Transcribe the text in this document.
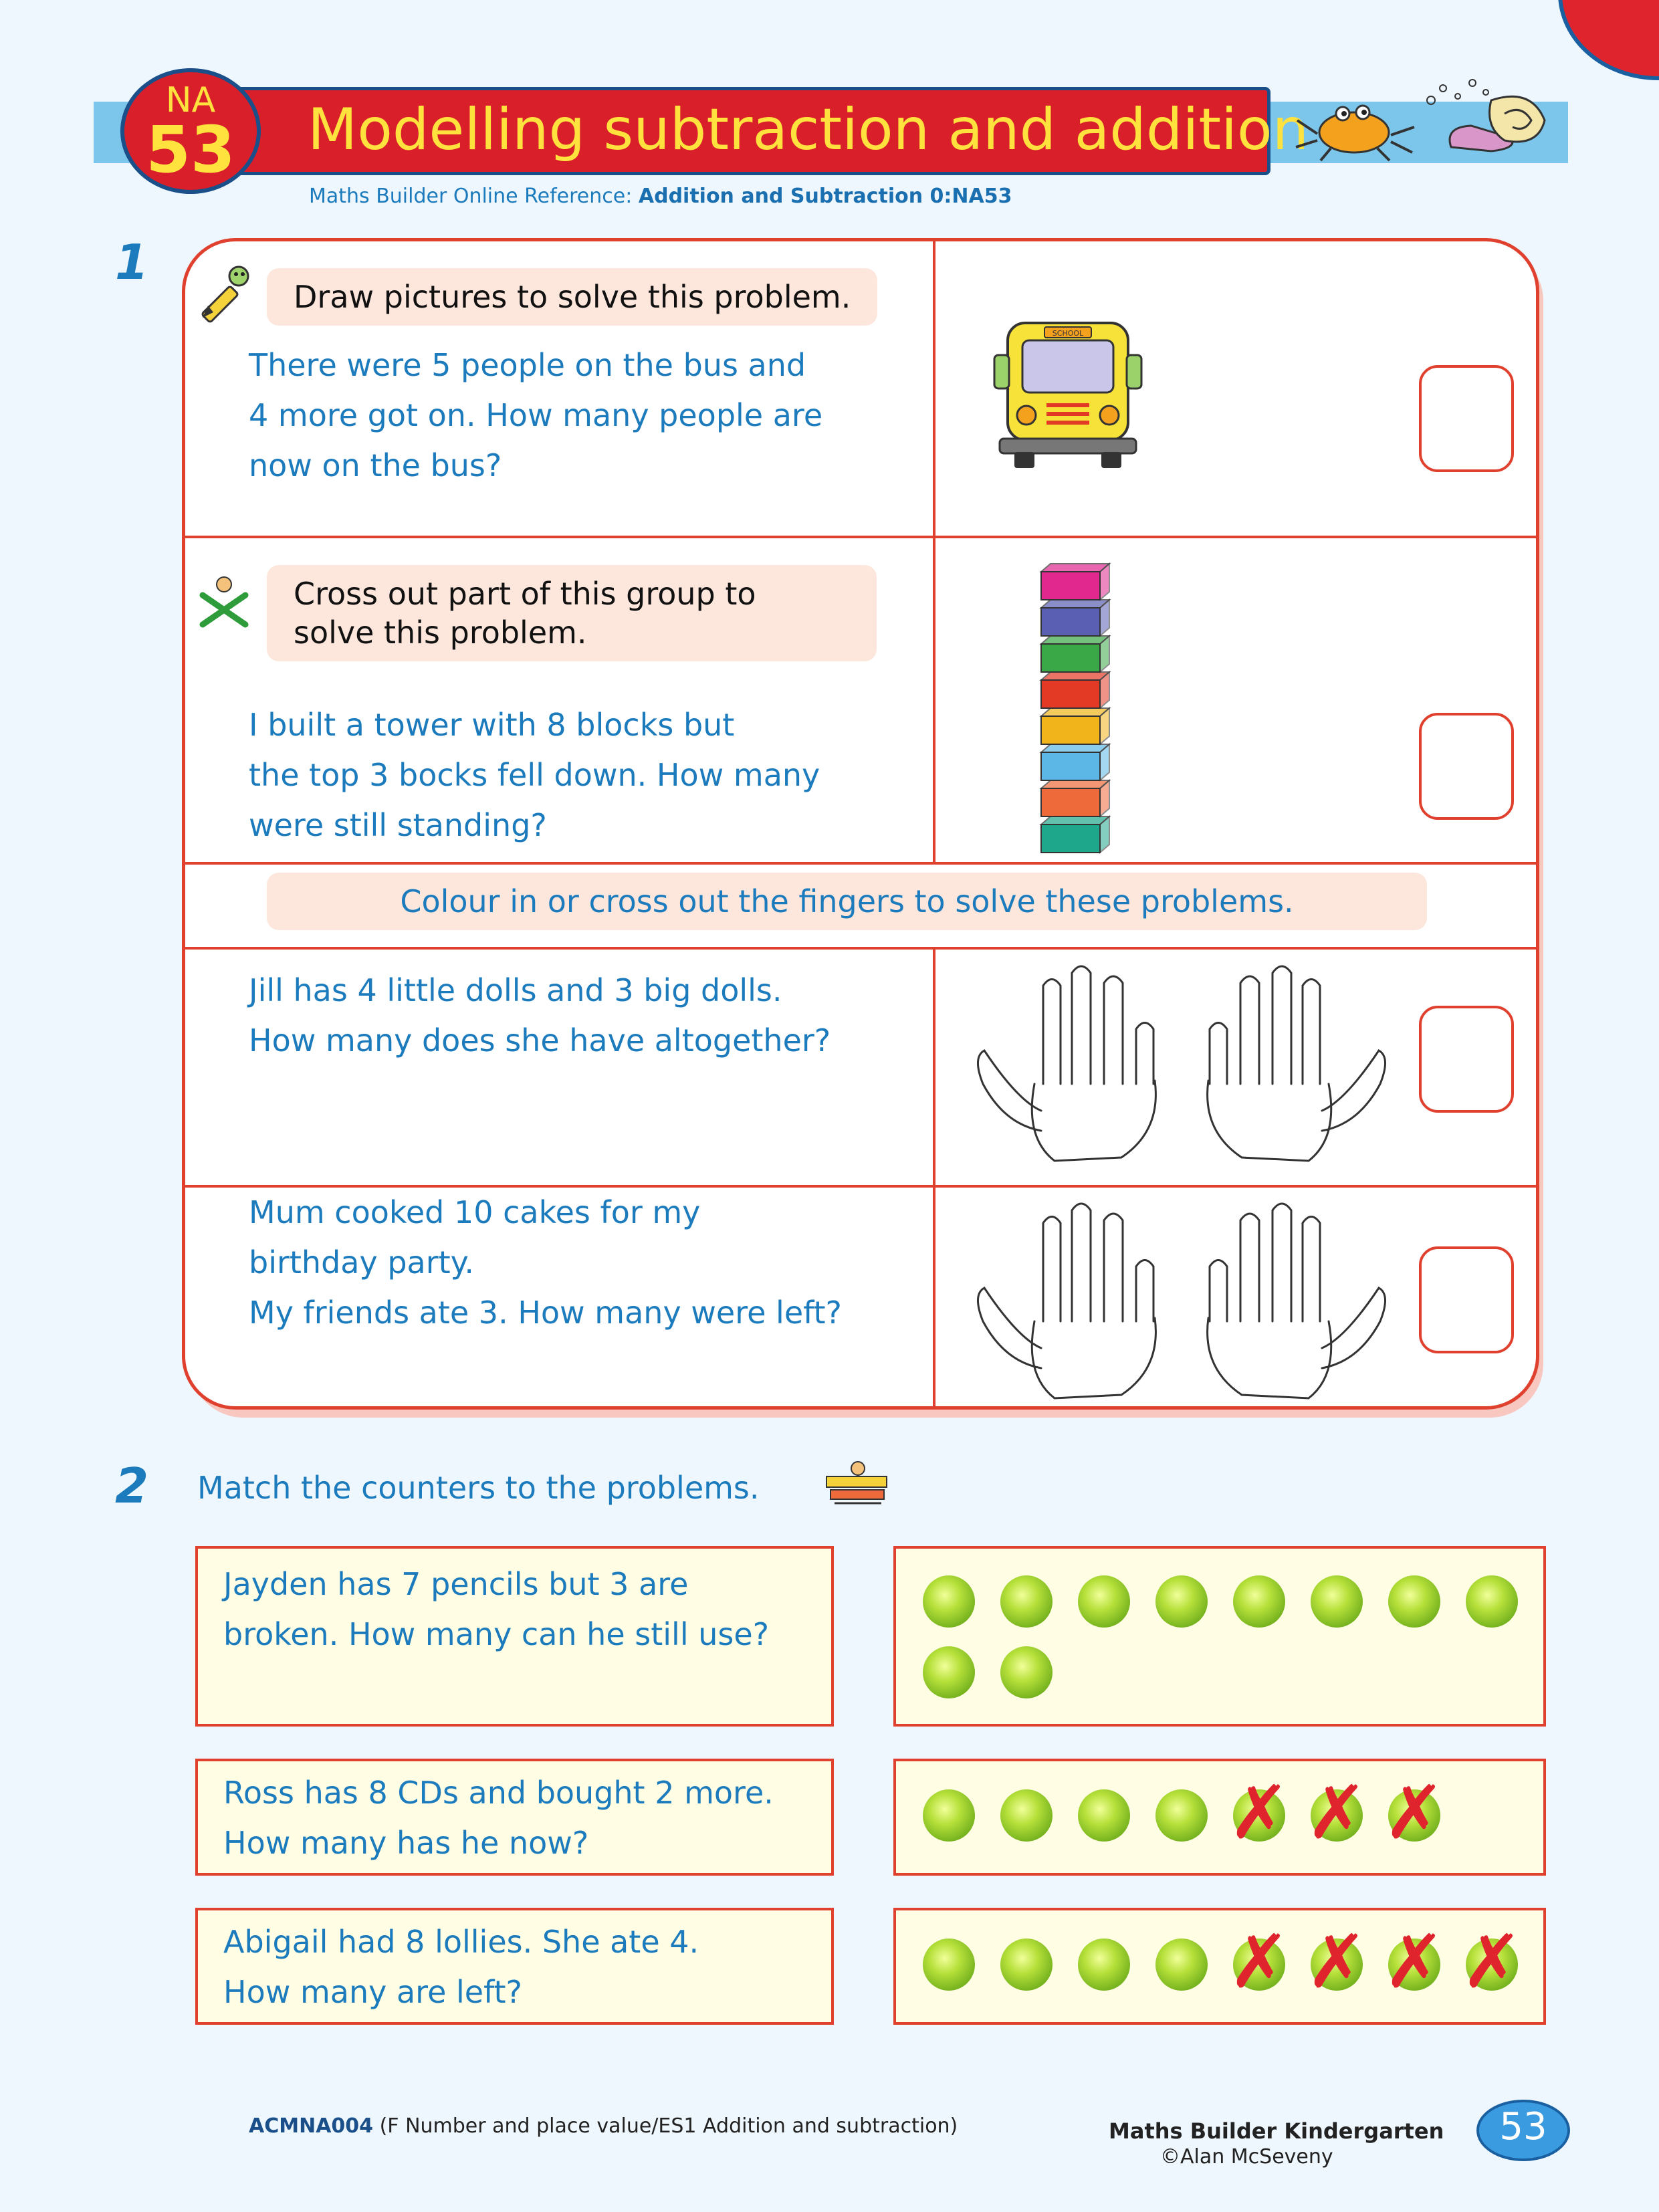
Modelling subtraction and addition
NA
53
Maths Builder Online Reference: Addition and Subtraction 0:NA53
1
Draw pictures to solve this problem.
There were 5 people on the bus and
4 more got on. How many people are
now on the bus?
SCHOOL
Cross out part of this group to
solve this problem.
I built a tower with 8 blocks but
the top 3 bocks fell down. How many
were still standing?
Colour in or cross out the fingers to solve these problems.
Jill has 4 little dolls and 3 big dolls.
How many does she have altogether?
Mum cooked 10 cakes for my
birthday party.
My friends ate 3. How many were left?
2 Match the counters to the problems.
Jayden has 7 pencils but 3 are
broken. How many can he still use?
Ross has 8 CDs and bought 2 more.
How many has he now?
Abigail had 8 lollies. She ate 4.
How many are left?
✗ ✗ ✗
✗ ✗ ✗ ✗
ACMNA004 (F Number and place value/ES1 Addition and subtraction)	Maths Builder Kindergarten
©Alan McSeveny
53
